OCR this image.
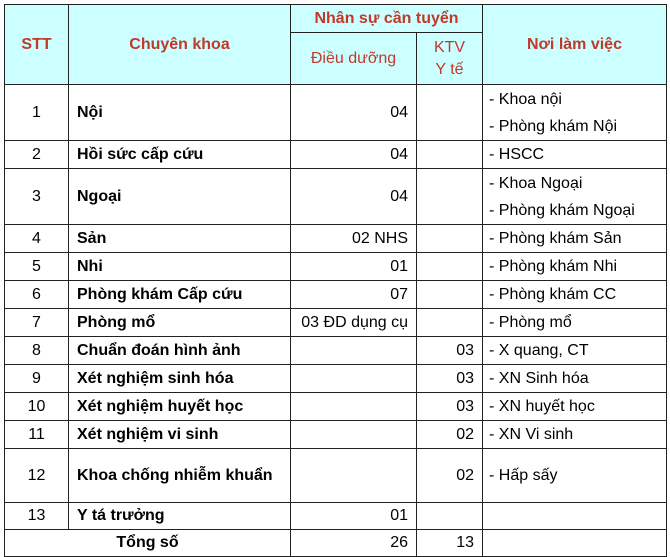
STT	Chuyên khoa	Nhân sự cần tuyển		Nơi làm việc
		Điều dưỡng	KTV
Y tế	
1	Nội	04		- Khoa nội
- Phòng khám Nội

2	Hồi sức cấp cứu	04		- HSCC

3	Ngoại	04		- Khoa Ngoại
- Phòng khám Ngoại

4	Sản	02 NHS		- Phòng khám Sản

5	Nhi	01		- Phòng khám Nhi

6	Phòng khám Cấp cứu	07		- Phòng khám CC

7	Phòng mổ	03 ĐD dụng cụ		- Phòng mổ

8	Chuẩn đoán hình ảnh		03	- X quang, CT

9	Xét nghiệm sinh hóa		03	- XN Sinh hóa

10	Xét nghiệm huyết học		03	- XN huyết học

11	Xét nghiệm vi sinh		02	- XN Vi sinh

12	Khoa chống nhiễm khuẩn		02	- Hấp sấy

13	Y tá trưởng	01		
Tổng số		26	13	
